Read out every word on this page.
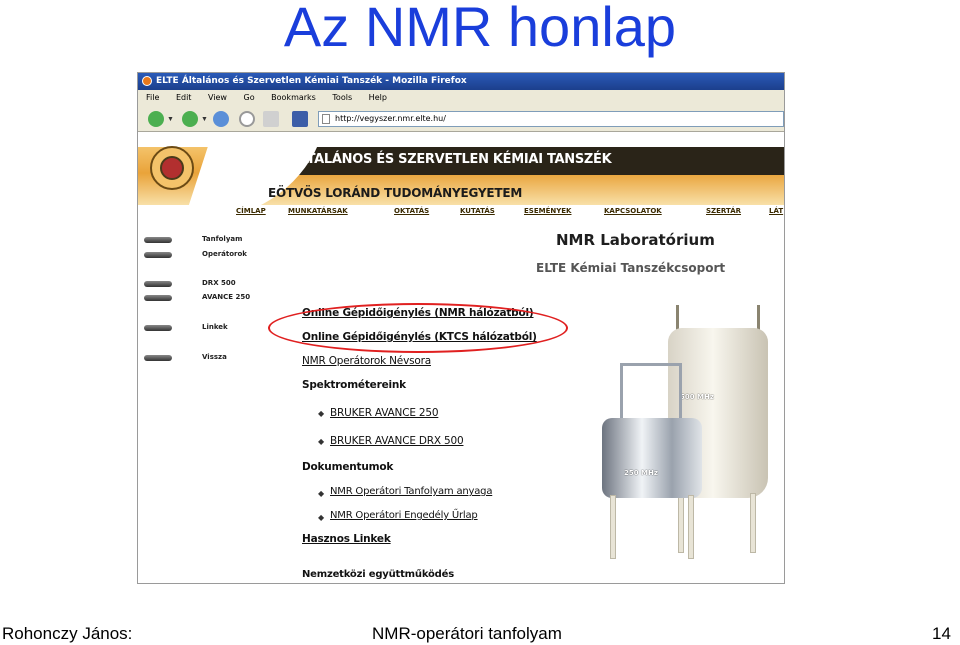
Az NMR honlap
ELTE Általános és Szervetlen Kémiai Tanszék - Mozilla Firefox
File Edit View Go Bookmarks Tools Help
▼	▼	http://vegyszer.nmr.elte.hu/
ÁLTALÁNOS ÉS SZERVETLEN KÉMIAI TANSZÉK
EÖTVÖS LORÁND TUDOMÁNYEGYETEM
CÍMLAP	MUNKATÁRSAK	OKTATÁS	KUTATÁS	ESEMÉNYEK	KAPCSOLATOK	SZERTÁR	LÁT
Tanfolyam
Operátorok
DRX 500
AVANCE 250
Linkek
Vissza
NMR Laboratórium
ELTE Kémiai Tanszékcsoport
Online Gépidőigénylés (NMR hálózatból)
Online Gépidőigénylés (KTCS hálózatból)
NMR Operátorok Névsora
Spektrométereink
◆ BRUKER AVANCE 250
◆ BRUKER AVANCE DRX 500
Dokumentumok
◆ NMR Operátori Tanfolyam anyaga
◆ NMR Operátori Engedély Űrlap
Hasznos Linkek
Nemzetközi együttműködés
500 MHz
250 MHz
Rohonczy János:	NMR-operátori tanfolyam	14
